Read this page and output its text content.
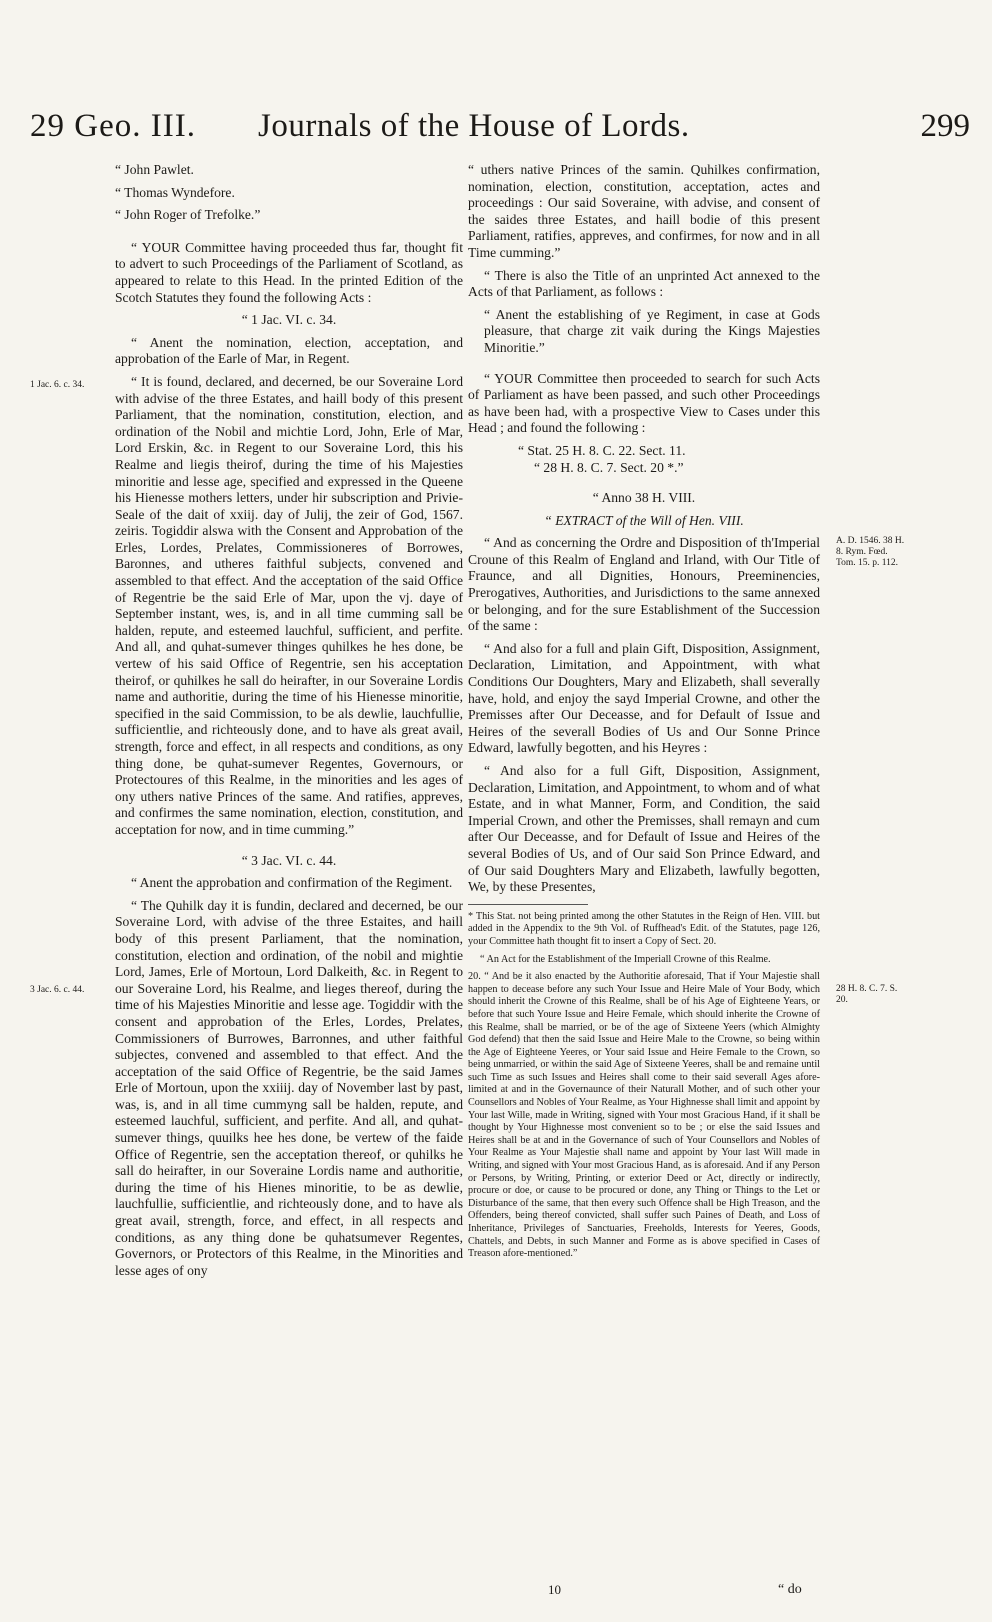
29 Geo. III. Journals of the House of Lords.	299
1 Jac. 6. c. 34.
3 Jac. 6. c. 44.
A. D. 1546. 38 H. 8. Rym. Fœd. Tom. 15. p. 112.
28 H. 8. C. 7. S. 20.

“ John Pawlet.

“ Thomas Wyndefore.

“ John Roger of Trefolke.”

“ YOUR Committee having proceeded thus far, thought fit to advert to such Proceedings of the Parliament of Scotland, as appeared to relate to this Head. In the printed Edition of the Scotch Statutes they found the following Acts :

“ 1 Jac. VI. c. 34.

“ Anent the nomination, election, acceptation, and approbation of the Earle of Mar, in Regent.

“ It is found, declared, and decerned, be our Soveraine Lord with advise of the three Estates, and haill body of this present Parliament, that the nomination, constitution, election, and ordination of the Nobil and michtie Lord, John, Erle of Mar, Lord Erskin, &c. in Regent to our Soveraine Lord, this his Realme and liegis theirof, during the time of his Majesties minoritie and lesse age, specified and expressed in the Queene his Hienesse mothers letters, under hir subscription and Privie-Seale of the dait of xxiij. day of Julij, the zeir of God, 1567. zeiris. Togiddir alswa with the Consent and Approbation of the Erles, Lordes, Prelates, Commissioneres of Borrowes, Baronnes, and utheres faithful subjects, convened and assembled to that effect. And the acceptation of the said Office of Regentrie be the said Erle of Mar, upon the vj. daye of September instant, wes, is, and in all time cumming sall be halden, repute, and esteemed lauchful, sufficient, and perfite. And all, and quhat-sumever thinges quhilkes he hes done, be vertew of his said Office of Regentrie, sen his acceptation theirof, or quhilkes he sall do heirafter, in our Soveraine Lordis name and authoritie, during the time of his Hienesse minoritie, specified in the said Commission, to be als dewlie, lauchfullie, sufficientlie, and richteously done, and to have als great avail, strength, force and effect, in all respects and conditions, as ony thing done, be quhat-sumever Regentes, Governours, or Protectoures of this Realme, in the minorities and les ages of ony uthers native Princes of the same. And ratifies, appreves, and confirmes the same nomination, election, constitution, and acceptation for now, and in time cumming.”

“ 3 Jac. VI. c. 44.

“ Anent the approbation and confirmation of the Regiment.

“ The Quhilk day it is fundin, declared and decerned, be our Soveraine Lord, with advise of the three Estaites, and haill body of this present Parliament, that the nomination, constitution, election and ordination, of the nobil and mightie Lord, James, Erle of Mortoun, Lord Dalkeith, &c. in Regent to our Soveraine Lord, his Realme, and lieges thereof, during the time of his Majesties Minoritie and lesse age. Togiddir with the consent and approbation of the Erles, Lordes, Prelates, Commissioners of Burrowes, Barronnes, and uther faithful subjectes, convened and assembled to that effect. And the acceptation of the said Office of Regentrie, be the said James Erle of Mortoun, upon the xxiiij. day of November last by past, was, is, and in all time cummyng sall be halden, repute, and esteemed lauchful, sufficient, and perfite. And all, and quhat-sumever things, quuilks hee hes done, be vertew of the faide Office of Regentrie, sen the acceptation thereof, or quhilks he sall do heirafter, in our Soveraine Lordis name and authoritie, during the time of his Hienes minoritie, to be as dewlie, lauchfullie, sufficientlie, and richteously done, and to have als great avail, strength, force, and effect, in all respects and conditions, as any thing done be quhatsumever Regentes, Governors, or Protectors of this Realme, in the Minorities and lesse ages of ony

“ uthers native Princes of the samin. Quhilkes confirmation, nomination, election, constitution, acceptation, actes and proceedings : Our said Soveraine, with advise, and consent of the saides three Estates, and haill bodie of this present Parliament, ratifies, appreves, and confirmes, for now and in all Time cumming.”

“ There is also the Title of an unprinted Act annexed to the Acts of that Parliament, as follows :

“ Anent the establishing of ye Regiment, in case at Gods pleasure, that charge zit vaik during the Kings Majesties Minoritie.”

“ YOUR Committee then proceeded to search for such Acts of Parliament as have been passed, and such other Proceedings as have been had, with a prospective View to Cases under this Head ; and found the following :

“ Stat. 25 H. 8. C. 22. Sect. 11.

“ 28 H. 8. C. 7. Sect. 20 *.”

“ Anno 38 H. VIII.

“ EXTRACT of the Will of Hen. VIII.

“ And as concerning the Ordre and Disposition of th'Imperial Croune of this Realm of England and Irland, with Our Title of Fraunce, and all Dignities, Honours, Preeminencies, Prerogatives, Authorities, and Jurisdictions to the same annexed or belonging, and for the sure Establishment of the Succession of the same :

“ And also for a full and plain Gift, Disposition, Assignment, Declaration, Limitation, and Appointment, with what Conditions Our Doughters, Mary and Elizabeth, shall severally have, hold, and enjoy the sayd Imperial Crowne, and other the Premisses after Our Deceasse, and for Default of Issue and Heires of the severall Bodies of Us and Our Sonne Prince Edward, lawfully begotten, and his Heyres :

“ And also for a full Gift, Disposition, Assignment, Declaration, Limitation, and Appointment, to whom and of what Estate, and in what Manner, Form, and Condition, the said Imperial Crown, and other the Premisses, shall remayn and cum after Our Deceasse, and for Default of Issue and Heires of the several Bodies of Us, and of Our said Son Prince Edward, and of Our said Doughters Mary and Elizabeth, lawfully begotten, We, by these Presentes,

* This Stat. not being printed among the other Statutes in the Reign of Hen. VIII. but added in the Appendix to the 9th Vol. of Ruffhead's Edit. of the Statutes, page 126, your Committee hath thought fit to insert a Copy of Sect. 20.

“ An Act for the Establishment of the Imperiall Crowne of this Realme.

20. “ And be it also enacted by the Authoritie aforesaid, That if Your Majestie shall happen to decease before any such Your Issue and Heire Male of Your Body, which should inherit the Crowne of this Realme, shall be of his Age of Eighteene Years, or before that such Youre Issue and Heire Female, which should inherite the Crowne of this Realme, shall be married, or be of the age of Sixteene Yeers (which Almighty God defend) that then the said Issue and Heire Male to the Crowne, so being within the Age of Eighteene Yeeres, or Your said Issue and Heire Female to the Crown, so being unmarried, or within the said Age of Sixteene Yeeres, shall be and remaine until such Time as such Issues and Heires shall come to their said severall Ages afore-limited at and in the Governaunce of their Naturall Mother, and of such other your Counsellors and Nobles of Your Realme, as Your Highnesse shall limit and appoint by Your last Wille, made in Writing, signed with Your most Gracious Hand, if it shall be thought by Your Highnesse most convenient so to be ; or else the said Issues and Heires shall be at and in the Governance of such of Your Counsellors and Nobles of Your Realme as Your Majestie shall name and appoint by Your last Will made in Writing, and signed with Your most Gracious Hand, as is aforesaid. And if any Person or Persons, by Writing, Printing, or exterior Deed or Act, directly or indirectly, procure or doe, or cause to be procured or done, any Thing or Things to the Let or Disturbance of the same, that then every such Offence shall be High Treason, and the Offenders, being thereof convicted, shall suffer such Paines of Death, and Loss of Inheritance, Privileges of Sanctuaries, Freeholds, Interests for Yeeres, Goods, Chattels, and Debts, in such Manner and Forme as is above specified in Cases of Treason afore-mentioned.”

10	“ do
